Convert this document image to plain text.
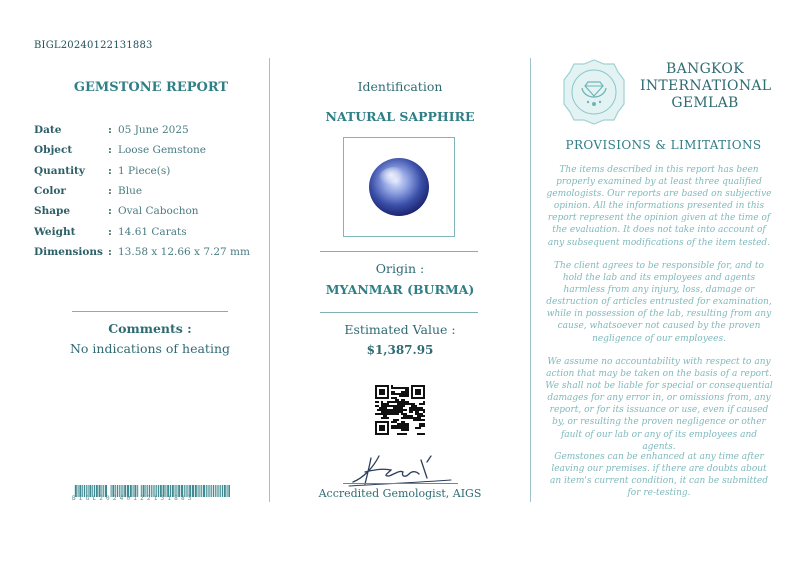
BIGL20240122131883
GEMSTONE REPORT
Date	: 05 June 2025
Object	: Loose Gemstone
Quantity	: 1 Piece(s)
Color	: Blue
Shape	: Oval Cabochon
Weight	: 14.61 Carats
Dimensions : 13.58 x 12.66 x 7.27 mm
Comments :
No indications of heating
BIGL20240122131883
Identification
NATURAL SAPPHIRE
Origin :
MYANMAR (BURMA)
Estimated Value :
$1,387.95
Accredited Gemologist, AIGS
BANGKOK
INTERNATIONAL
GEMLAB
PROVISIONS & LIMITATIONS
The items described in this report has been properly examined by at least three qualified gemologists. Our reports are based on subjective opinion. All the informations presented in this report represent the opinion given at the time of the evaluation. It does not take into account of any subsequent modifications of the item tested.
The client agrees to be responsible for, and to hold the lab and its employees and agents harmless from any injury, loss, damage or destruction of articles entrusted for examination, while in possession of the lab, resulting from any cause, whatsoever not caused by the proven negligence of our employees.
We assume no accountability with respect to any action that may be taken on the basis of a report. We shall not be liable for special or consequential damages for any error in, or omissions from, any report, or for its issuance or use, even if caused by, or resulting the proven negligence or other fault of our lab or any of its employees and agents.
Gemstones can be enhanced at any time after leaving our premises. if there are doubts about an item's current condition, it can be submitted for re-testing.
